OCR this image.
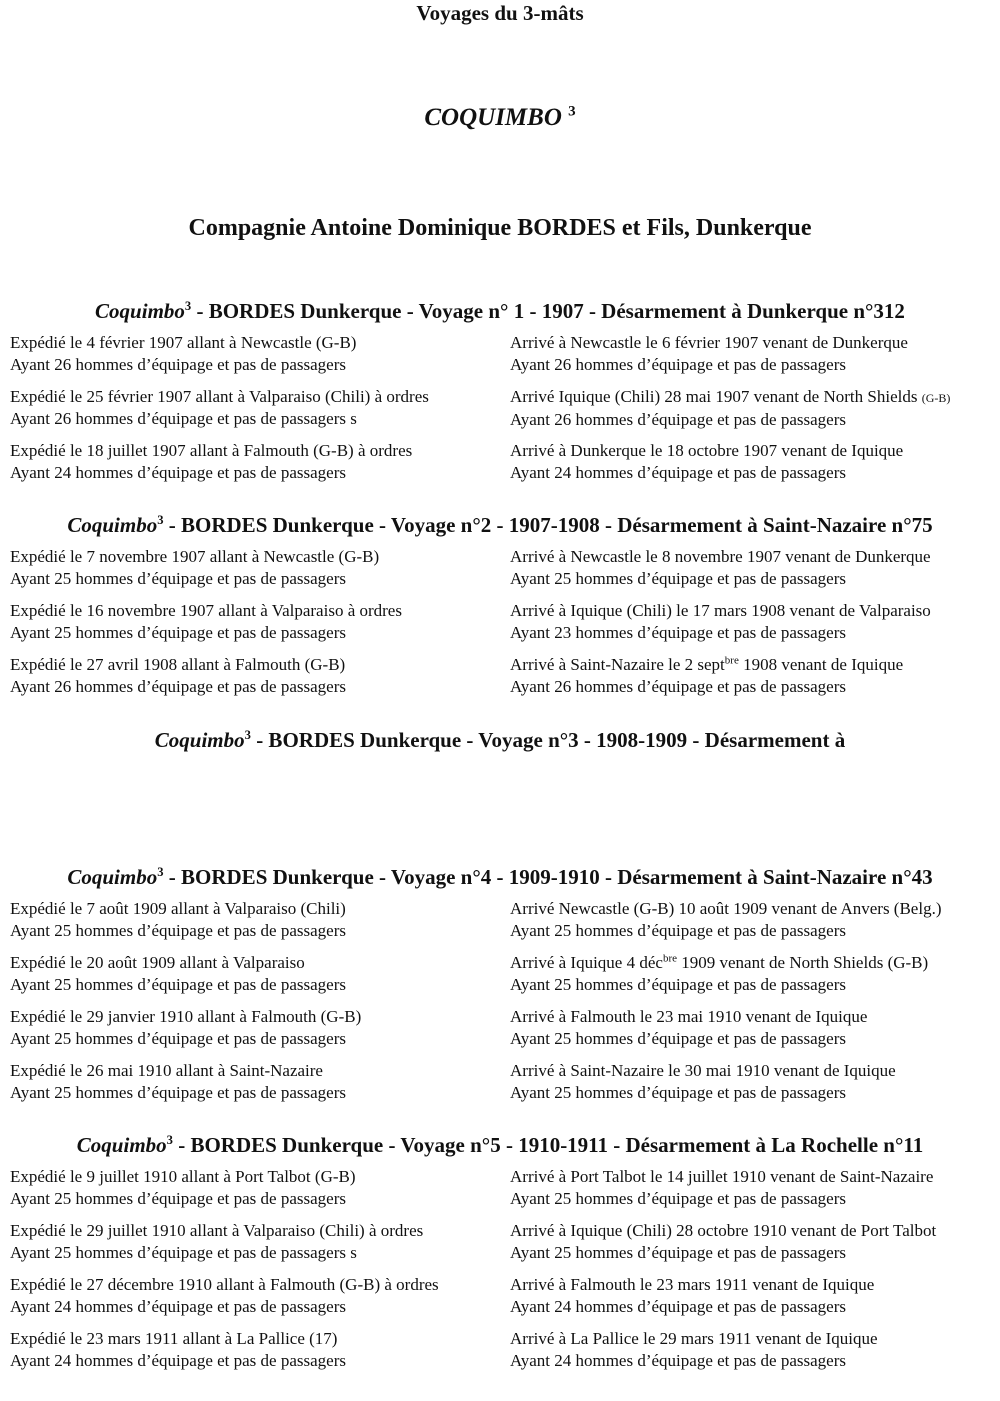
Voyages du 3-mâts
COQUIMBO $^3$
Compagnie Antoine Dominique BORDES et Fils, Dunkerque
Coquimbo$^3$ - BORDES Dunkerque - Voyage n° 1 - 1907 - Désarmement à Dunkerque n°312
Expédié le 4 février 1907 allant à Newcastle (G-B)
Ayant 26 hommes d’équipage et pas de passagers
Arrivé à Newcastle le 6 février 1907 venant de Dunkerque
Ayant 26 hommes d’équipage et pas de passagers
Expédié le 25 février 1907 allant à Valparaiso (Chili) à ordres
Ayant 26 hommes d’équipage et pas de passagers s
Arrivé Iquique (Chili) 28 mai 1907 venant de North Shields (G-B)
Ayant 26 hommes d’équipage et pas de passagers
Expédié le 18 juillet 1907 allant à Falmouth (G-B) à ordres
Ayant 24 hommes d’équipage et pas de passagers
Arrivé à Dunkerque le 18 octobre 1907 venant de Iquique
Ayant 24 hommes d’équipage et pas de passagers
Coquimbo$^3$ - BORDES Dunkerque - Voyage n°2 - 1907-1908 - Désarmement à Saint-Nazaire n°75
Expédié le 7 novembre 1907 allant à Newcastle (G-B)
Ayant 25 hommes d’équipage et pas de passagers
Arrivé à Newcastle le 8 novembre 1907 venant de Dunkerque
Ayant 25 hommes d’équipage et pas de passagers
Expédié le 16 novembre 1907 allant à Valparaiso à ordres
Ayant 25 hommes d’équipage et pas de passagers
Arrivé à Iquique (Chili) le 17 mars 1908 venant de Valparaiso
Ayant 23 hommes d’équipage et pas de passagers
Expédié le 27 avril 1908 allant à Falmouth (G-B)
Ayant 26 hommes d’équipage et pas de passagers
Arrivé à Saint-Nazaire le 2 sept$^{bre}$ 1908 venant de Iquique
Ayant 26 hommes d’équipage et pas de passagers
Coquimbo$^3$ - BORDES Dunkerque - Voyage n°3 - 1908-1909 - Désarmement à
Coquimbo$^3$ - BORDES Dunkerque - Voyage n°4 - 1909-1910 - Désarmement à Saint-Nazaire n°43
Expédié le 7 août 1909 allant à Valparaiso (Chili)
Ayant 25 hommes d’équipage et pas de passagers
Arrivé Newcastle (G-B) 10 août 1909 venant de Anvers (Belg.)
Ayant 25 hommes d’équipage et pas de passagers
Expédié le 20 août 1909 allant à Valparaiso
Ayant 25 hommes d’équipage et pas de passagers
Arrivé à Iquique 4 déc$^{bre}$ 1909 venant de North Shields (G-B)
Ayant 25 hommes d’équipage et pas de passagers
Expédié le 29 janvier 1910 allant à Falmouth (G-B)
Ayant 25 hommes d’équipage et pas de passagers
Arrivé à Falmouth le 23 mai 1910 venant de Iquique
Ayant 25 hommes d’équipage et pas de passagers
Expédié le 26 mai 1910 allant à Saint-Nazaire
Ayant 25 hommes d’équipage et pas de passagers
Arrivé à Saint-Nazaire le 30 mai 1910 venant de Iquique
Ayant 25 hommes d’équipage et pas de passagers
Coquimbo$^3$ - BORDES Dunkerque - Voyage n°5 - 1910-1911 - Désarmement à La Rochelle n°11
Expédié le 9 juillet 1910 allant à Port Talbot (G-B)
Ayant 25 hommes d’équipage et pas de passagers
Arrivé à Port Talbot le 14 juillet 1910 venant de Saint-Nazaire
Ayant 25 hommes d’équipage et pas de passagers
Expédié le 29 juillet 1910 allant à Valparaiso (Chili) à ordres
Ayant 25 hommes d’équipage et pas de passagers s
Arrivé à Iquique (Chili) 28 octobre 1910 venant de Port Talbot
Ayant 25 hommes d’équipage et pas de passagers
Expédié le 27 décembre 1910 allant à Falmouth (G-B) à ordres
Ayant 24 hommes d’équipage et pas de passagers
Arrivé à Falmouth le 23 mars 1911 venant de Iquique
Ayant 24 hommes d’équipage et pas de passagers
Expédié le 23 mars 1911 allant à La Pallice (17)
Ayant 24 hommes d’équipage et pas de passagers
Arrivé à La Pallice le 29 mars 1911 venant de Iquique
Ayant 24 hommes d’équipage et pas de passagers
